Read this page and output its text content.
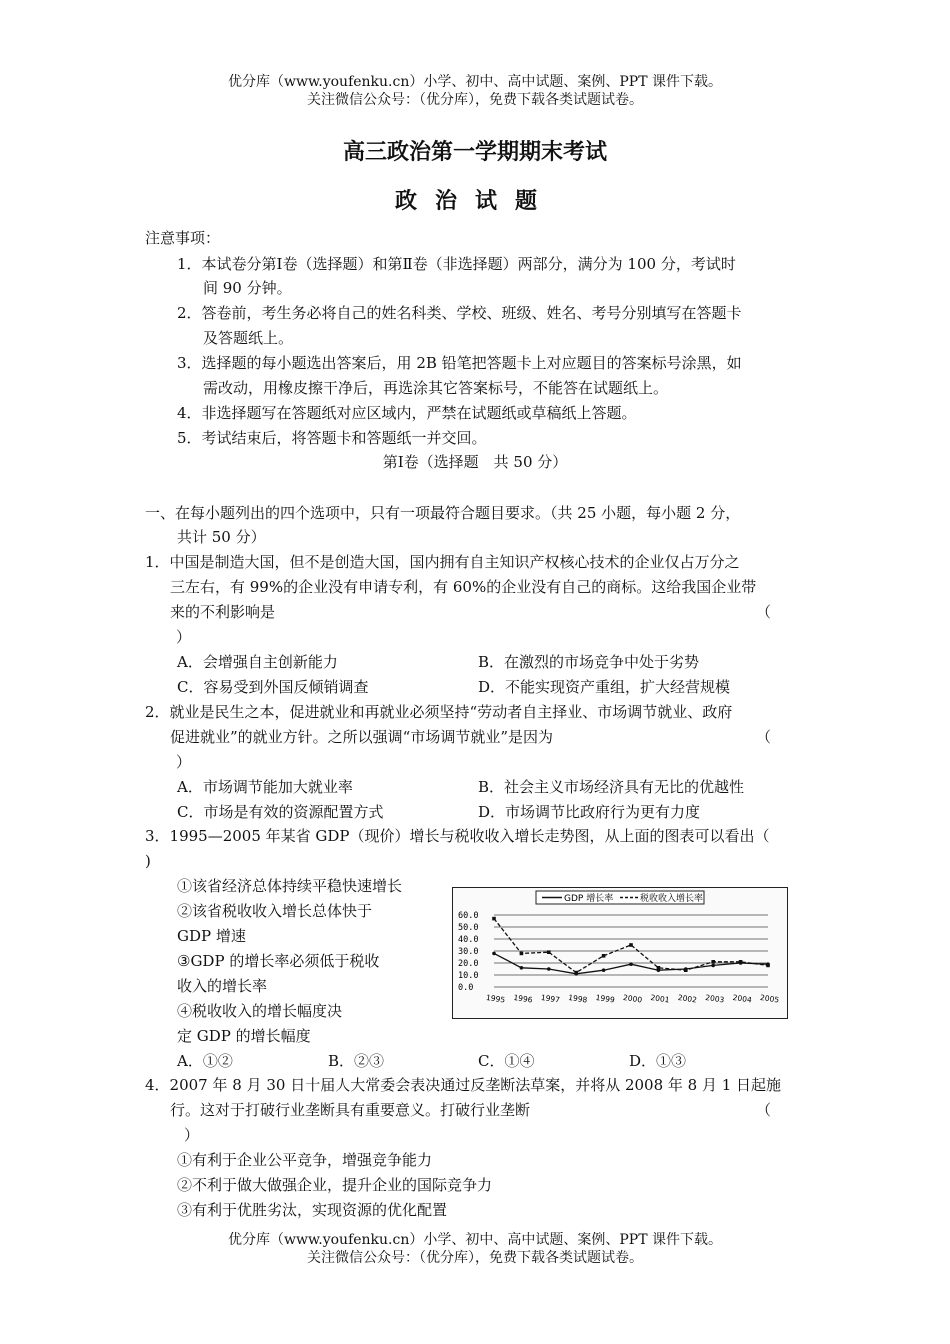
优分库（www.youfenku.cn）小学、初中、高中试题、案例、PPT 课件下载。
关注微信公众号：（优分库），免费下载各类试题试卷。
高三政治第一学期期末考试
政治试题
注意事项：
1．本试卷分第Ⅰ卷（选择题）和第Ⅱ卷（非选择题）两部分，满分为 100 分，考试时
间 90 分钟。
2．答卷前，考生务必将自己的姓名科类、学校、班级、姓名、考号分别填写在答题卡
及答题纸上。
3．选择题的每小题选出答案后，用 2B 铅笔把答题卡上对应题目的答案标号涂黑，如
需改动，用橡皮擦干净后，再选涂其它答案标号，不能答在试题纸上。
4．非选择题写在答题纸对应区域内，严禁在试题纸或草稿纸上答题。
5．考试结束后，将答题卡和答题纸一并交回。
第Ⅰ卷（选择题　共 50 分）
一、在每小题列出的四个选项中，只有一项最符合题目要求。（共 25 小题，每小题 2 分，
共计 50 分）
1．中国是制造大国，但不是创造大国，国内拥有自主知识产权核心技术的企业仅占万分之
三左右，有 99%的企业没有申请专利，有 60%的企业没有自己的商标。这给我国企业带
来的不利影响是	（
）
A．会增强自主创新能力	B．在激烈的市场竞争中处于劣势
C．容易受到外国反倾销调查	D．不能实现资产重组，扩大经营规模
2．就业是民生之本，促进就业和再就业必须坚持“劳动者自主择业、市场调节就业、政府
促进就业”的就业方针。之所以强调“市场调节就业”是因为	（
）
A．市场调节能加大就业率	B．社会主义市场经济具有无比的优越性
C．市场是有效的资源配置方式	D．市场调节比政府行为更有力度
3．1995—2005 年某省 GDP（现价）增长与税收收入增长走势图，从上面的图表可以看出（
)
①该省经济总体持续平稳快速增长
②该省税收收入增长总体快于
GDP 增速
③GDP 的增长率必须低于税收
收入的增长率
④税收收入的增长幅度决
定 GDP 的增长幅度
A．①②	B．②③	C．①④	D．①③
GDP 增长率	税收收入增长率
60.0
50.0
40.0
30.0
20.0
10.0
0.0
1995 1996 1997 1998 1999 2000 2001 2002 2003 2004 2005
4．2007 年 8 月 30 日十届人大常委会表决通过反垄断法草案，并将从 2008 年 8 月 1 日起施
行。这对于打破行业垄断具有重要意义。打破行业垄断	（
）
①有利于企业公平竞争，增强竞争能力
②不利于做大做强企业，提升企业的国际竞争力
③有利于优胜劣汰，实现资源的优化配置
优分库（www.youfenku.cn）小学、初中、高中试题、案例、PPT 课件下载。
关注微信公众号：（优分库），免费下载各类试题试卷。
